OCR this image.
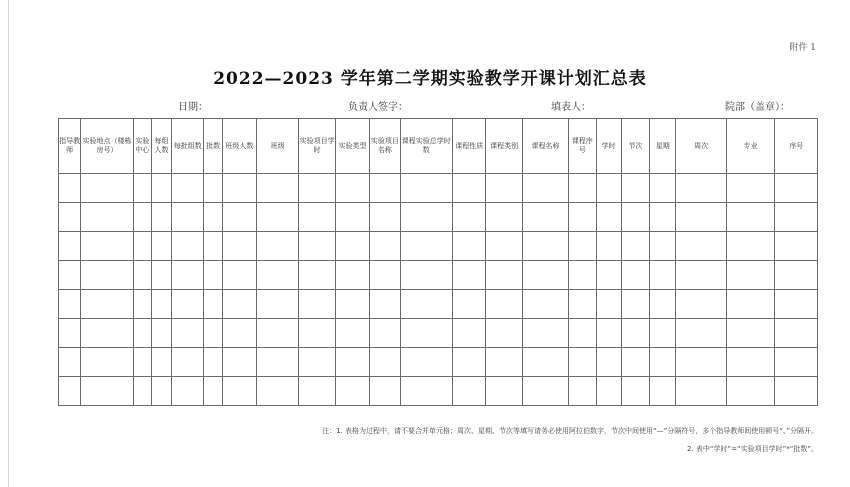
附件 1
2022—2023 学年第二学期实验教学开课计划汇总表
院部（盖章）：
填表人：
负责人签字：
日期：
指导教师	实验地点（楼栋房号）	实验中心	每组人数	每批组数	批数	班级人数	班级	实验项目学时	实验类型	实验项目名称	课程实验总学时数	课程性质	课程类别	课程名称	课程序号	学时	节次	星期	周次	专业	序号

注：1. 表格为过程中，请不要合并单元格；周次、星期、节次等填写请务必使用阿拉伯数字，节次中间使用“—”分隔符号，多个指导教师间使用顿号“、”分隔开。
2. 表中“学时”=“实验项目学时”*“批数”。
